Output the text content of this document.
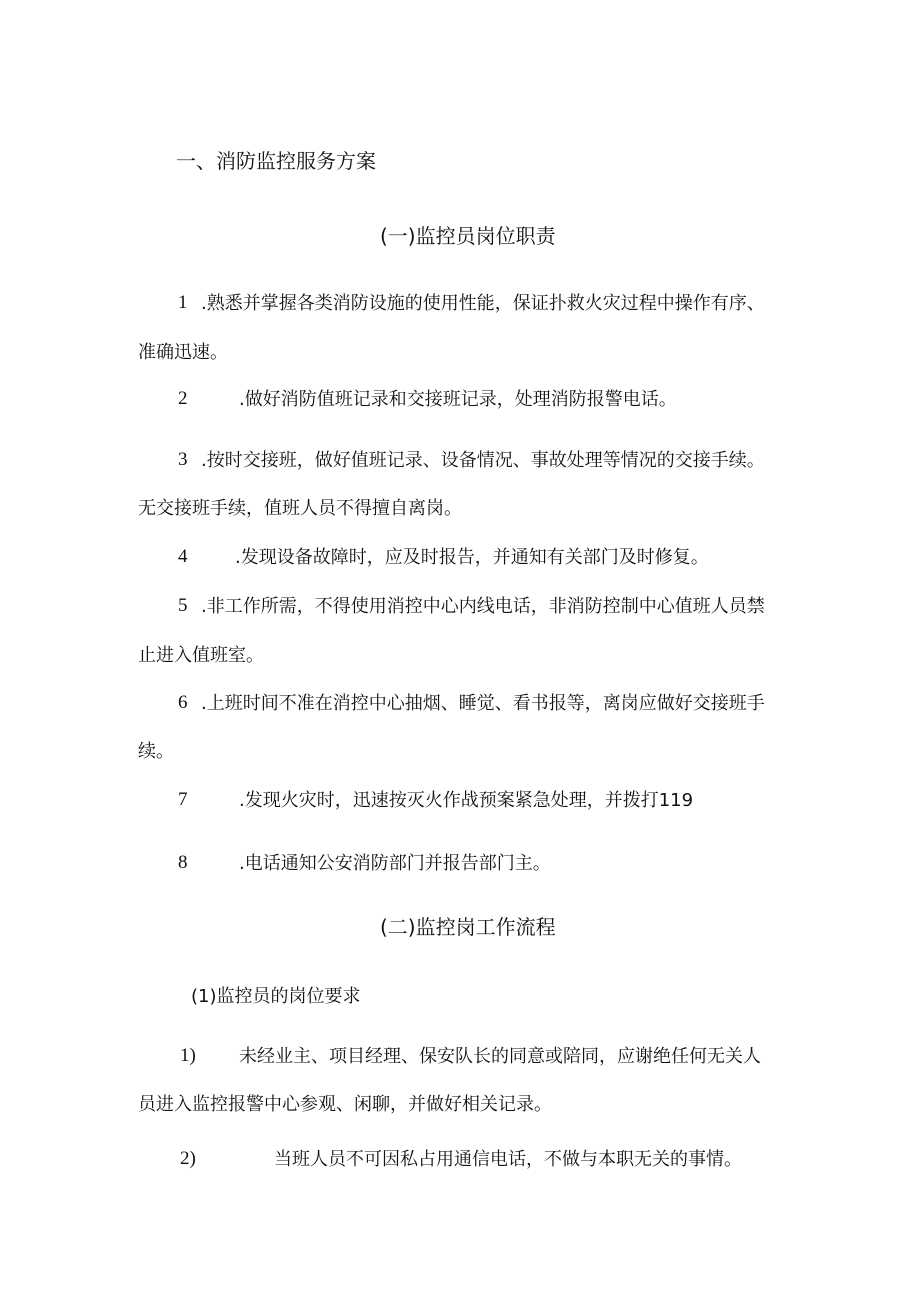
一、消防监控服务方案
(一)监控员岗位职责
1 .熟悉并掌握各类消防设施的使用性能，保证扑救火灾过程中操作有序、
准确迅速。
2	.做好消防值班记录和交接班记录，处理消防报警电话。
3 .按时交接班，做好值班记录、设备情况、事故处理等情况的交接手续。
无交接班手续，值班人员不得擅自离岗。
4	.发现设备故障时，应及时报告，并通知有关部门及时修复。
5 .非工作所需，不得使用消控中心内线电话，非消防控制中心值班人员禁
止进入值班室。
6 .上班时间不准在消控中心抽烟、睡觉、看书报等，离岗应做好交接班手
续。
7	.发现火灾时，迅速按灭火作战预案紧急处理，并拨打119
8	.电话通知公安消防部门并报告部门主。
(二)监控岗工作流程
(1)监控员的岗位要求
1) 未经业主、项目经理、保安队长的同意或陪同，应谢绝任何无关人
员进入监控报警中心参观、闲聊，并做好相关记录。
2)	当班人员不可因私占用通信电话，不做与本职无关的事情。
